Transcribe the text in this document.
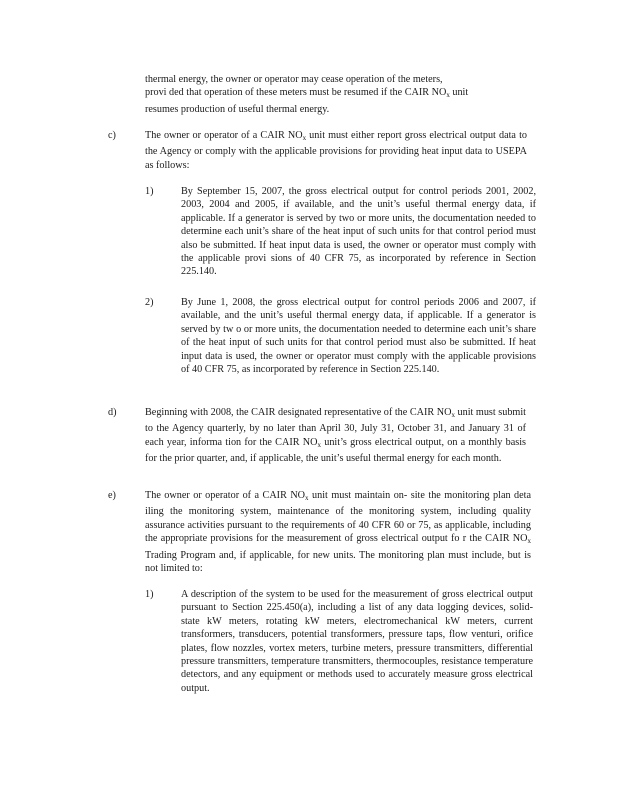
thermal energy, the owner or operator may cease operation of the meters,
provi ded that operation of these meters must be resumed if the CAIR $NO_x$ unit
resumes production of useful thermal energy.

c)	The owner or operator of a CAIR $NO_x$ unit must either report gross electrical output data to the Agency or comply with the applicable provisions for providing heat input data to USEPA as follows:

1)	By September 15, 2007, the gross electrical output for control periods 2001, 2002, 2003, 2004 and 2005, if available, and the unit’s useful thermal energy data, if applicable. If a generator is served by two or more units, the documentation needed to determine each unit’s share of the heat input of such units for that control period must also be submitted. If heat input data is used, the owner or operator must comply with the applicable provi sions of 40 CFR 75, as incorporated by reference in Section 225.140.

2)	By June 1, 2008, the gross electrical output for control periods 2006 and 2007, if available, and the unit’s useful thermal energy data, if applicable. If a generator is served by tw o or more units, the documentation needed to determine each unit’s share of the heat input of such units for that control period must also be submitted. If heat input data is used, the owner or operator must comply with the applicable provisions of 40 CFR 75, as incorporated by reference in Section 225.140.

d)	Beginning with 2008, the CAIR designated representative of the CAIR $NO_x$ unit must submit to the Agency quarterly, by no later than April 30, July 31, October 31, and January 31 of each year, informa tion for the CAIR $NO_x$ unit’s gross electrical output, on a monthly basis for the prior quarter, and, if applicable, the unit’s useful thermal energy for each month.

e)	The owner or operator of a CAIR $NO_x$ unit must maintain on- site the monitoring plan deta iling the monitoring system, maintenance of the monitoring system, including quality assurance activities pursuant to the requirements of 40 CFR 60 or 75, as applicable, including the appropriate provisions for the measurement of gross electrical output fo r the CAIR $NO_x$ Trading Program and, if applicable, for new units. The monitoring plan must include, but is not limited to:

1)	A description of the system to be used for the measurement of gross electrical output pursuant to Section 225.450(a), including a list of any data logging devices, solid- state kW meters, rotating kW meters, electromechanical kW meters, current transformers, transducers, potential transformers, pressure taps, flow venturi, orifice plates, flow nozzles, vortex meters, turbine meters, pressure transmitters, differential pressure transmitters, temperature transmitters, thermocouples, resistance temperature detectors, and any equipment or methods used to accurately measure gross electrical output.
